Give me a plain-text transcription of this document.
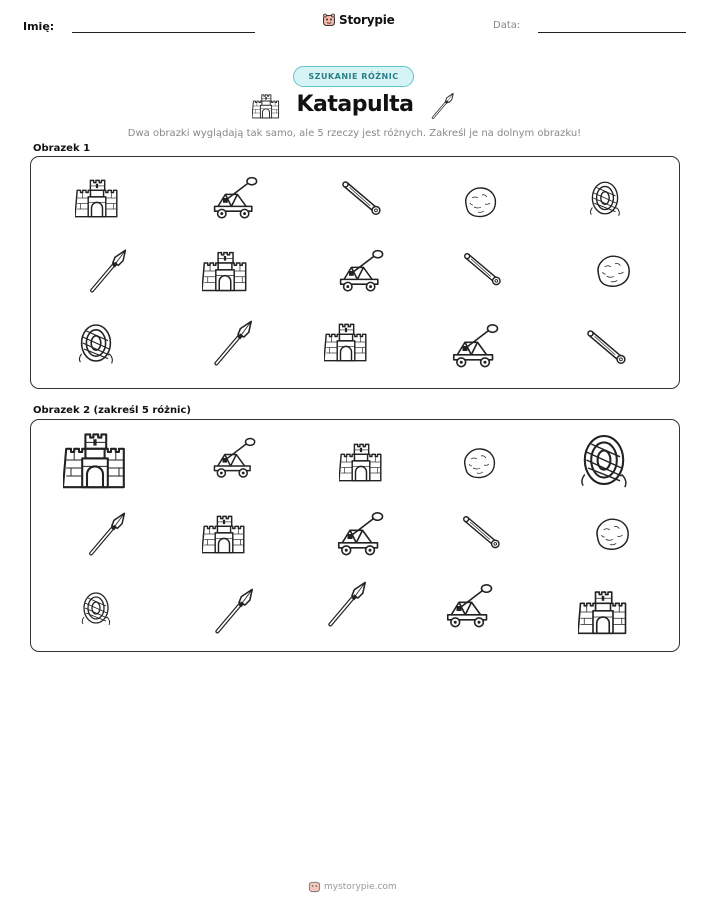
Imię:	Storypie	Data:
SZUKANIE RÓŻNIC
Katapulta
Dwa obrazki wyglądają tak samo, ale 5 rzeczy jest różnych. Zakreśl je na dolnym obrazku!
Obrazek 1
Obrazek 2 (zakreśl 5 różnic)
mystorypie.com
